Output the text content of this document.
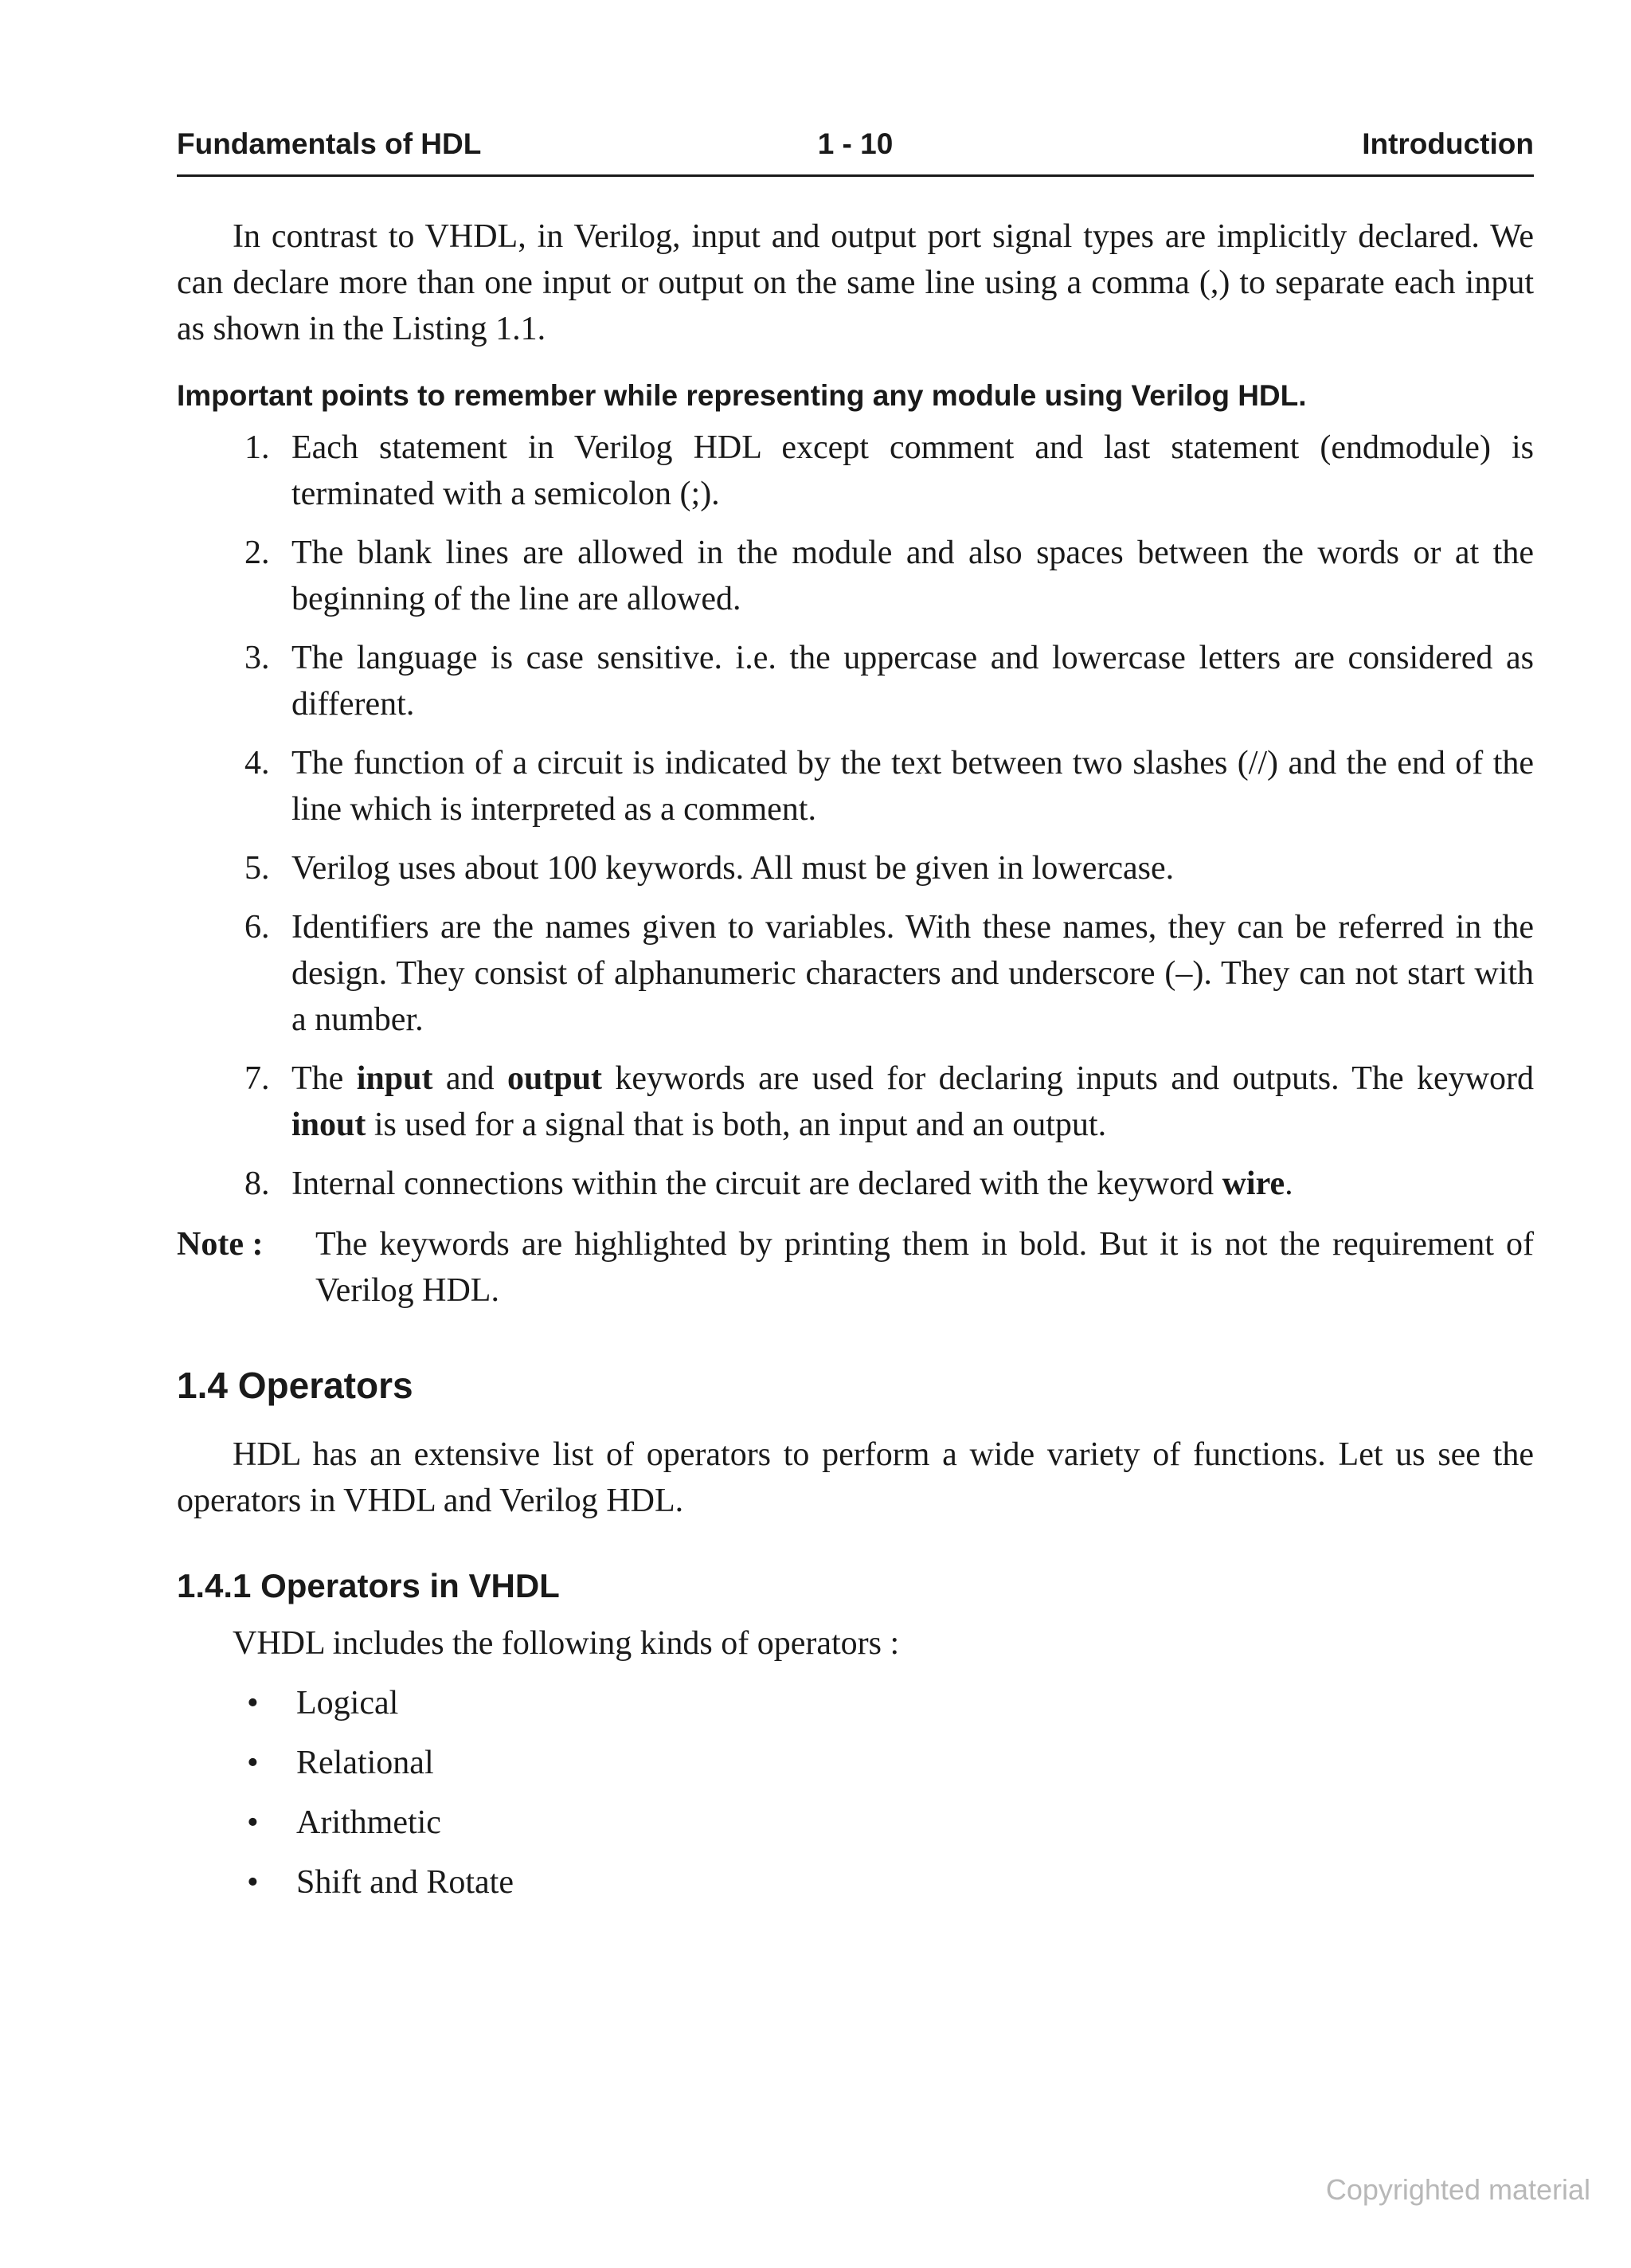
Fundamentals of HDL	1 - 10	Introduction

In contrast to VHDL, in Verilog, input and output port signal types are implicitly declared. We can declare more than one input or output on the same line using a comma (,) to separate each input as shown in the Listing 1.1.

Important points to remember while representing any module using Verilog HDL.
1. Each statement in Verilog HDL except comment and last statement (endmodule) is terminated with a semicolon (;).
2. The blank lines are allowed in the module and also spaces between the words or at the beginning of the line are allowed.
3. The language is case sensitive. i.e. the uppercase and lowercase letters are considered as different.
4. The function of a circuit is indicated by the text between two slashes (//) and the end of the line which is interpreted as a comment.
5. Verilog uses about 100 keywords. All must be given in lowercase.
6. Identifiers are the names given to variables. With these names, they can be referred in the design. They consist of alphanumeric characters and underscore (–). They can not start with a number.
7. The input and output keywords are used for declaring inputs and outputs. The keyword inout is used for a signal that is both, an input and an output.
8. Internal connections within the circuit are declared with the keyword wire.
Note : The keywords are highlighted by printing them in bold. But it is not the requirement of Verilog HDL.
1.4 Operators

HDL has an extensive list of operators to perform a wide variety of functions. Let us see the operators in VHDL and Verilog HDL.

1.4.1 Operators in VHDL

VHDL includes the following kinds of operators :

• Logical
• Relational
• Arithmetic
• Shift and Rotate
Copyrighted material
